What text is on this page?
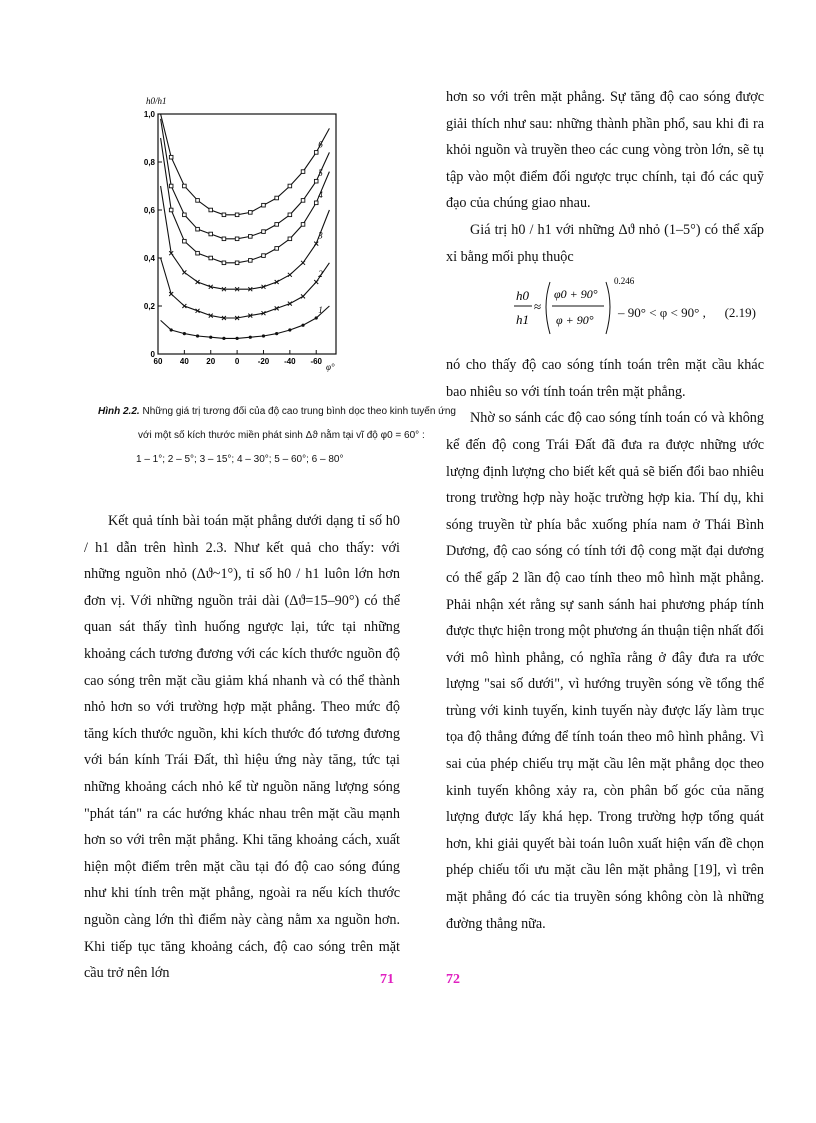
0
0,2
0,4
0,6
0,8
1,0
60 40 20 0 -20 -40 -60
1
2
3
4
5
6
h0/h1
φ°
Hình 2.2. Những giá trị tương đối của độ cao trung bình dọc theo kinh tuyến ứng
với một số kích thước miền phát sinh Δϑ nằm tại vĩ độ φ0 = 60° :
1 – 1°; 2 – 5°; 3 – 15°; 4 – 30°; 5 – 60°; 6 – 80°

Kết quả tính bài toán mặt phẳng dưới dạng tỉ số h0 / h1 dẫn trên hình 2.3. Như kết quả cho thấy: với những nguồn nhỏ (Δϑ~1°), tỉ số h0 / h1 luôn lớn hơn đơn vị. Với những nguồn trải dài (Δϑ=15–90°) có thể quan sát thấy tình huống ngược lại, tức tại những khoảng cách tương đương với các kích thước nguồn độ cao sóng trên mặt cầu giảm khá nhanh và có thể thành nhỏ hơn so với trường hợp mặt phẳng. Theo mức độ tăng kích thước nguồn, khi kích thước đó tương đương với bán kính Trái Đất, thì hiệu ứng này tăng, tức tại những khoảng cách nhỏ kể từ nguồn năng lượng sóng "phát tán" ra các hướng khác nhau trên mặt cầu mạnh hơn so với trên mặt phẳng. Khi tăng khoảng cách, xuất hiện một điểm trên mặt cầu tại đó độ cao sóng đúng như khi tính trên mặt phẳng, ngoài ra nếu kích thước nguồn càng lớn thì điểm này càng nằm xa nguồn hơn. Khi tiếp tục tăng khoảng cách, độ cao sóng trên mặt cầu trở nên lớn

hơn so với trên mặt phẳng. Sự tăng độ cao sóng được giải thích như sau: những thành phần phổ, sau khi đi ra khỏi nguồn và truyền theo các cung vòng tròn lớn, sẽ tụ tập vào một điểm đối ngược trục chính, tại đó các quỹ đạo của chúng giao nhau.

Giá trị h0 / h1 với những Δϑ nhỏ (1–5°) có thể xấp xỉ bằng mối phụ thuộc

h0
h1
≈
φ0 + 90°
φ + 90°
0.246
– 90° < φ < 90° , (2.19)

nó cho thấy độ cao sóng tính toán trên mặt cầu khác bao nhiêu so với tính toán trên mặt phẳng.

Nhờ so sánh các độ cao sóng tính toán có và không kể đến độ cong Trái Đất đã đưa ra được những ước lượng định lượng cho biết kết quả sẽ biến đổi bao nhiêu trong trường hợp này hoặc trường hợp kia. Thí dụ, khi sóng truyền từ phía bắc xuống phía nam ở Thái Bình Dương, độ cao sóng có tính tới độ cong mặt đại dương có thể gấp 2 lần độ cao tính theo mô hình mặt phẳng. Phải nhận xét rằng sự sanh sánh hai phương pháp tính được thực hiện trong một phương án thuận tiện nhất đối với mô hình phẳng, có nghĩa rằng ở đây đưa ra ước lượng "sai số dưới", vì hướng truyền sóng về tổng thể trùng với kinh tuyến, kinh tuyến này được lấy làm trục tọa độ thẳng đứng để tính toán theo mô hình phẳng. Vì sai của phép chiếu trụ mặt cầu lên mặt phẳng dọc theo kinh tuyến không xảy ra, còn phân bố góc của năng lượng được lấy khá hẹp. Trong trường hợp tổng quát hơn, khi giải quyết bài toán luôn xuất hiện vấn đề chọn phép chiếu tối ưu mặt cầu lên mặt phẳng [19], vì trên mặt phẳng đó các tia truyền sóng không còn là những đường thẳng nữa.

71	72
